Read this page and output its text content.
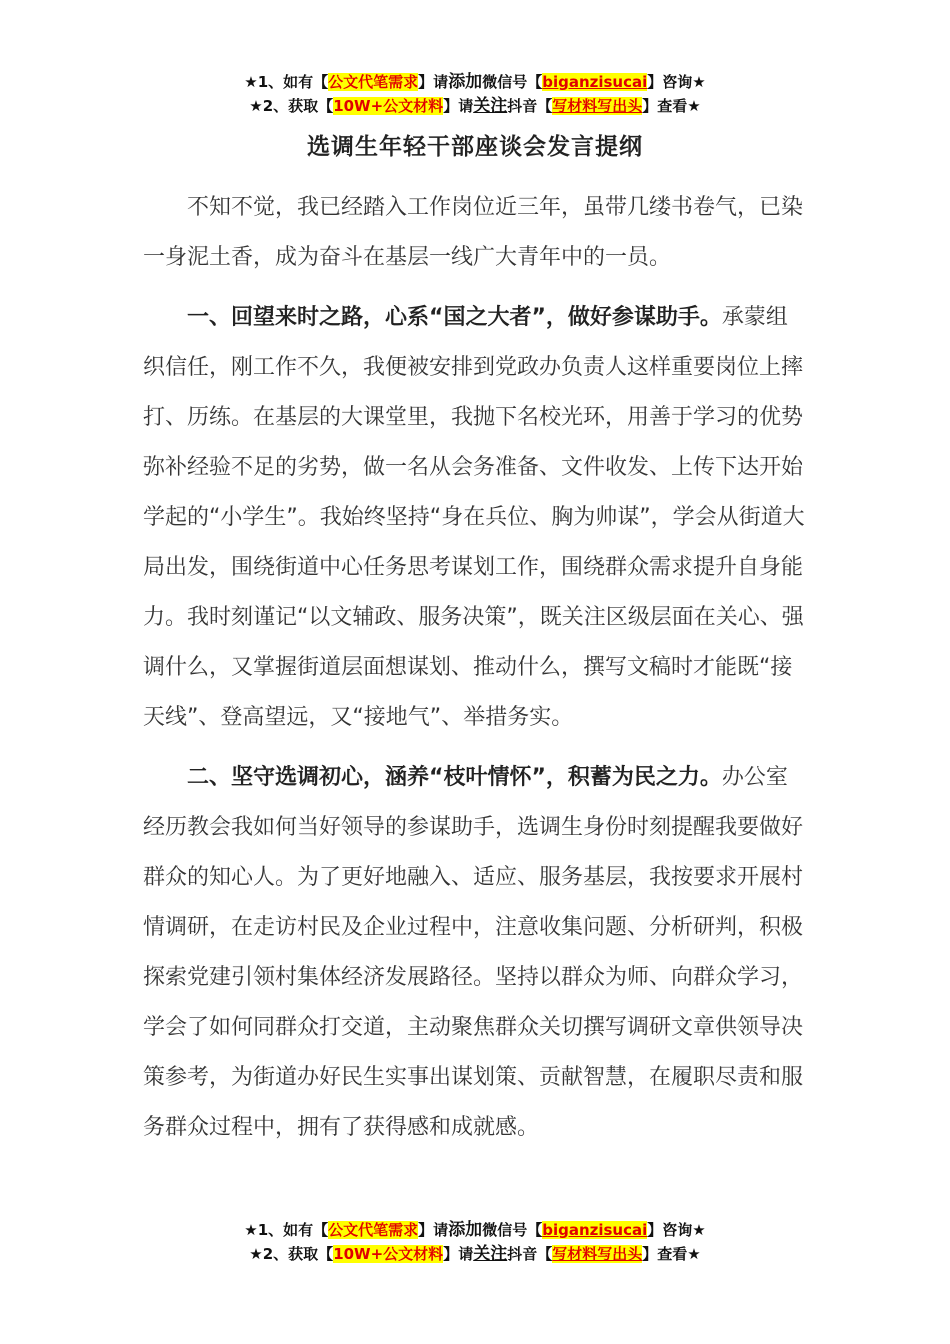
★1、如有【公文代笔需求】请添加微信号【biganzisucai】咨询★
★2、获取【10W+公文材料】请关注抖音【写材料写出头】查看★
选调生年轻干部座谈会发言提纲

不知不觉，我已经踏入工作岗位近三年，虽带几缕书卷气，已染一身泥土香，成为奋斗在基层一线广大青年中的一员。

一、回望来时之路，心系“国之大者”，做好参谋助手。承蒙组织信任，刚工作不久，我便被安排到党政办负责人这样重要岗位上摔打、历练。在基层的大课堂里，我抛下名校光环，用善于学习的优势弥补经验不足的劣势，做一名从会务准备、文件收发、上传下达开始学起的“小学生”。我始终坚持“身在兵位、胸为帅谋”，学会从街道大局出发，围绕街道中心任务思考谋划工作，围绕群众需求提升自身能力。我时刻谨记“以文辅政、服务决策”，既关注区级层面在关心、强调什么，又掌握街道层面想谋划、推动什么，撰写文稿时才能既“接天线”、登高望远，又“接地气”、举措务实。

二、坚守选调初心，涵养“枝叶情怀”，积蓄为民之力。办公室经历教会我如何当好领导的参谋助手，选调生身份时刻提醒我要做好群众的知心人。为了更好地融入、适应、服务基层，我按要求开展村情调研，在走访村民及企业过程中，注意收集问题、分析研判，积极探索党建引领村集体经济发展路径。坚持以群众为师、向群众学习，学会了如何同群众打交道，主动聚焦群众关切撰写调研文章供领导决策参考，为街道办好民生实事出谋划策、贡献智慧，在履职尽责和服务群众过程中，拥有了获得感和成就感。

★1、如有【公文代笔需求】请添加微信号【biganzisucai】咨询★
★2、获取【10W+公文材料】请关注抖音【写材料写出头】查看★
